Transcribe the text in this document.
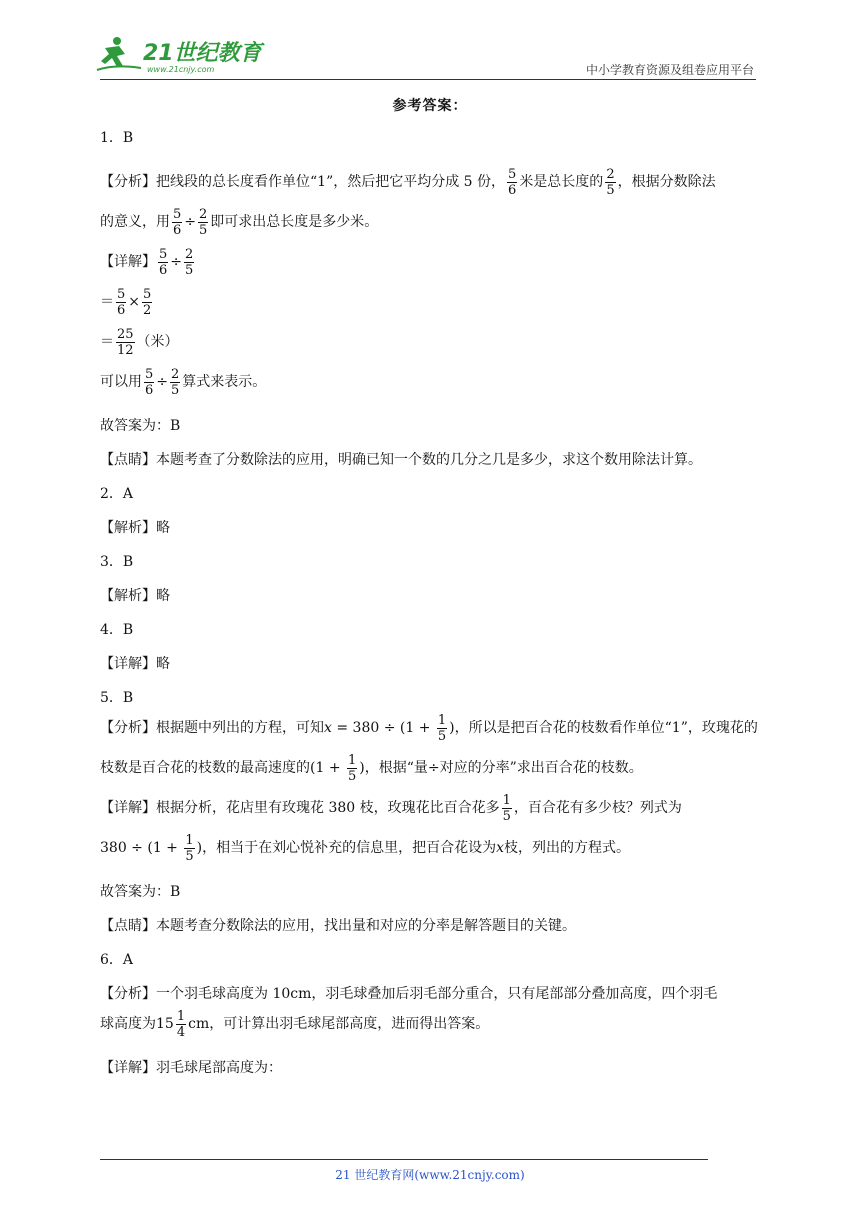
21世纪教育
www.21cnjy.com	中小学教育资源及组卷应用平台
参考答案：

1．B

【分析】把线段的总长度看作单位“1”，然后把它平均分成 5 份， $\frac{5}{6}$ 米是总长度的 $\frac{2}{5}$ ，根据分数除法

的意义，用 $\frac{5}{6} \div \frac{2}{5}$ 即可求出总长度是多少米。

【详解】 $\frac{5}{6} \div \frac{2}{5}$

＝ $\frac{5}{6} \times \frac{5}{2}$

＝ $\frac{25}{12}$ （米）

可以用 $\frac{5}{6} \div \frac{2}{5}$ 算式来表示。

故答案为：B

【点睛】本题考查了分数除法的应用，明确已知一个数的几分之几是多少，求这个数用除法计算。

2．A

【解析】略

3．B

【解析】略

4．B

【详解】略

5．B

【分析】根据题中列出的方程，可知$x = 380 \div (1 + \frac{1}{5}$ )，所以是把百合花的枝数看作单位“1”，玫瑰花的

枝数是百合花的枝数的最高速度的($1 + \frac{1}{5}$ )，根据“量÷对应的分率”求出百合花的枝数。

【详解】根据分析，花店里有玫瑰花 380 枝，玫瑰花比百合花多 $\frac{1}{5}$ ，百合花有多少枝？列式为

$380 \div (1 + \frac{1}{5}$ )，相当于在刘心悦补充的信息里，把百合花设为x枝，列出的方程式。

故答案为：B

【点睛】本题考查分数除法的应用，找出量和对应的分率是解答题目的关键。

6．A

【分析】一个羽毛球高度为 10cm，羽毛球叠加后羽毛部分重合，只有尾部部分叠加高度，四个羽毛

球高度为$15 \frac{1}{4}$ cm，可计算出羽毛球尾部高度，进而得出答案。

【详解】羽毛球尾部高度为：

21 世纪教育网(www.21cnjy.com)
